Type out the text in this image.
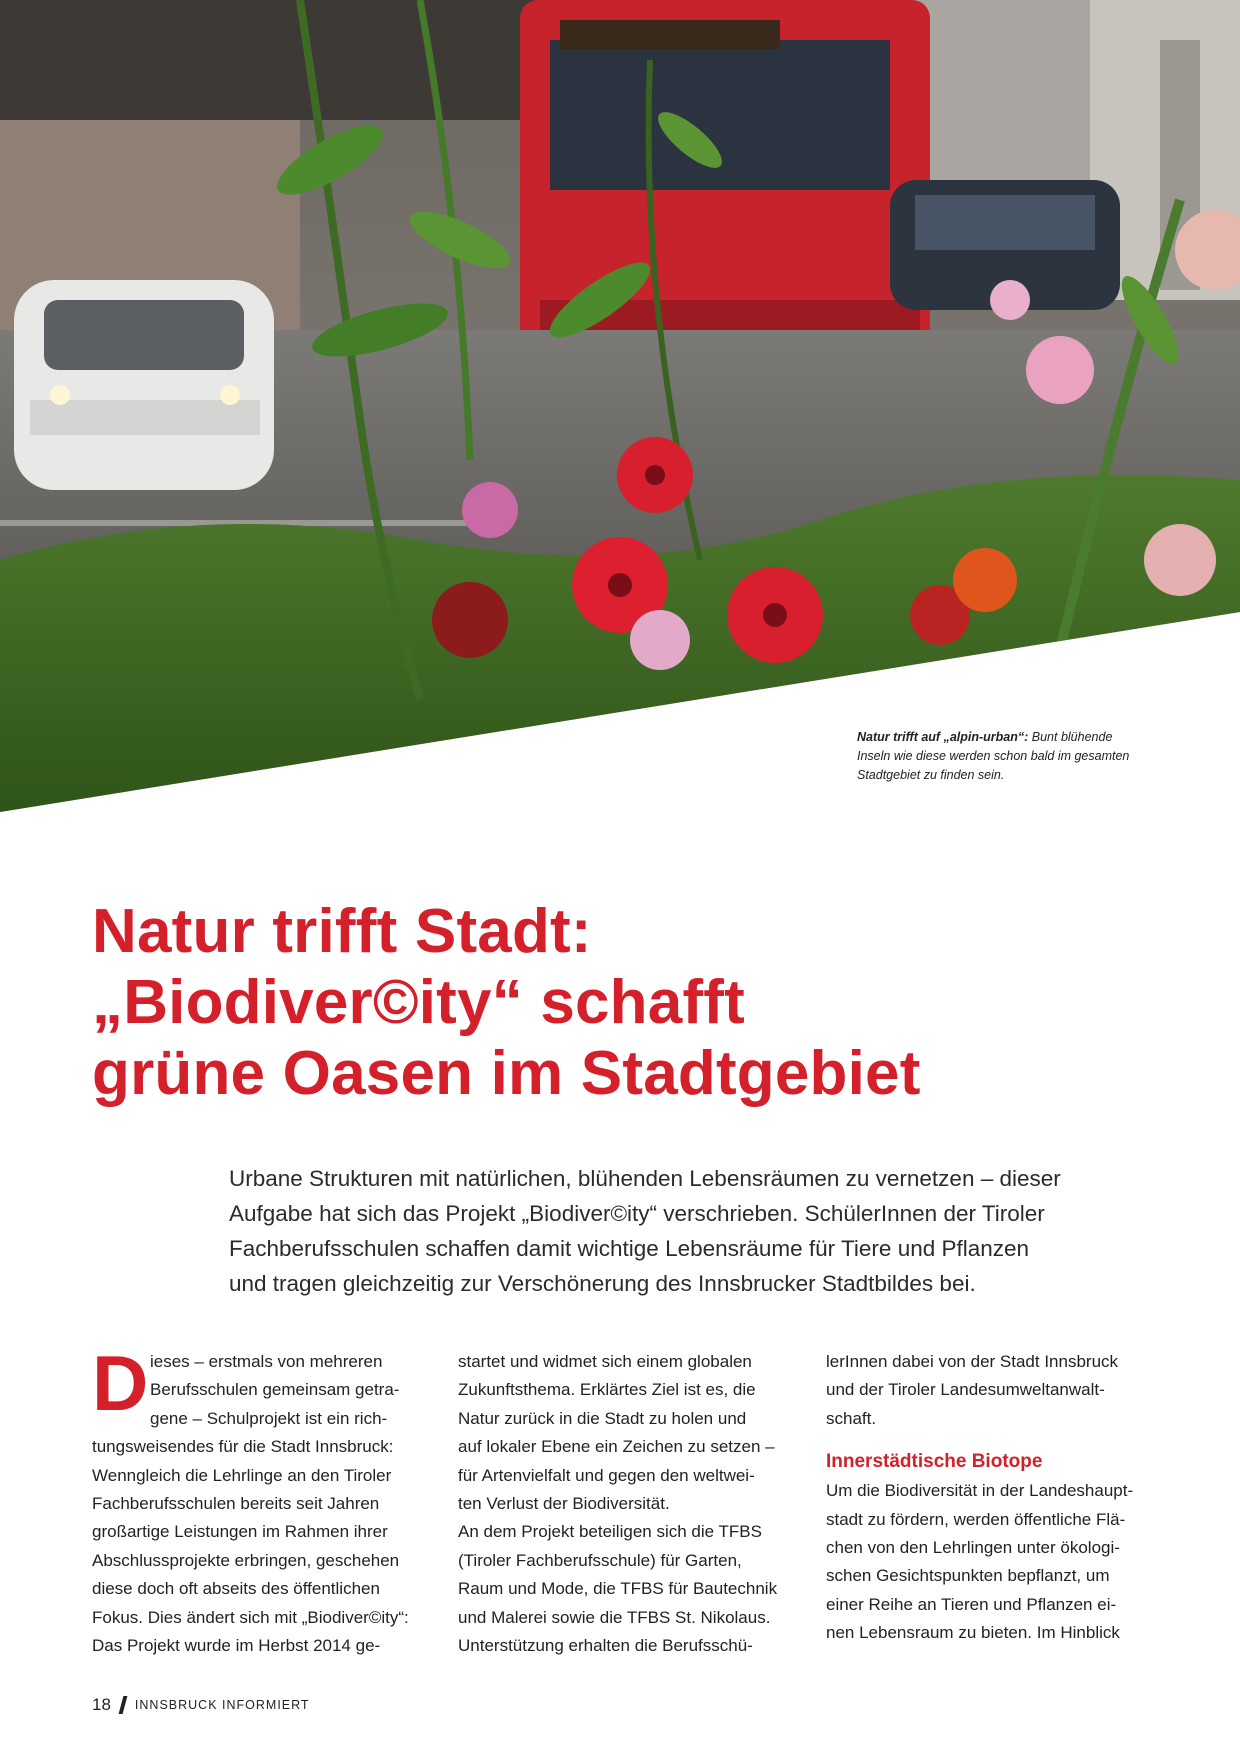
Natur trifft auf „alpin-urban“: Bunt blühende
Inseln wie diese werden schon bald im gesamten
Stadtgebiet zu finden sein.
Natur trifft Stadt:
„Biodiver©ity“ schafft
grüne Oasen im Stadtgebiet
Urbane Strukturen mit natürlichen, blühenden Lebensräumen zu vernetzen – dieser
Aufgabe hat sich das Projekt „Biodiver©ity“ verschrieben. SchülerInnen der Tiroler
Fachberufsschulen schaffen damit wichtige Lebensräume für Tiere und Pflanzen
und tragen gleichzeitig zur Verschönerung des Innsbrucker Stadtbildes bei.
D ieses – erstmals von mehreren
Berufsschulen gemeinsam getra-
gene – Schulprojekt ist ein rich-
tungsweisendes für die Stadt Innsbruck:
Wenngleich die Lehrlinge an den Tiroler
Fachberufsschulen bereits seit Jahren
großartige Leistungen im Rahmen ihrer
Abschlussprojekte erbringen, geschehen
diese doch oft abseits des öffentlichen
Fokus. Dies ändert sich mit „Biodiver©ity“:
Das Projekt wurde im Herbst 2014 ge-
startet und widmet sich einem globalen
Zukunftsthema. Erklärtes Ziel ist es, die
Natur zurück in die Stadt zu holen und
auf lokaler Ebene ein Zeichen zu setzen –
für Artenvielfalt und gegen den weltwei-
ten Verlust der Biodiversität.
An dem Projekt beteiligen sich die TFBS
(Tiroler Fachberufsschule) für Garten,
Raum und Mode, die TFBS für Bautechnik
und Malerei sowie die TFBS St. Nikolaus.
Unterstützung erhalten die Berufsschü-
lerInnen dabei von der Stadt Innsbruck
und der Tiroler Landesumweltanwalt-
schaft.
Innerstädtische Biotope
Um die Biodiversität in der Landeshaupt-
stadt zu fördern, werden öffentliche Flä-
chen von den Lehrlingen unter ökologi-
schen Gesichtspunkten bepflanzt, um
einer Reihe an Tieren und Pflanzen ei-
nen Lebensraum zu bieten. Im Hinblick
18 INNSBRUCK INFORMIERT
